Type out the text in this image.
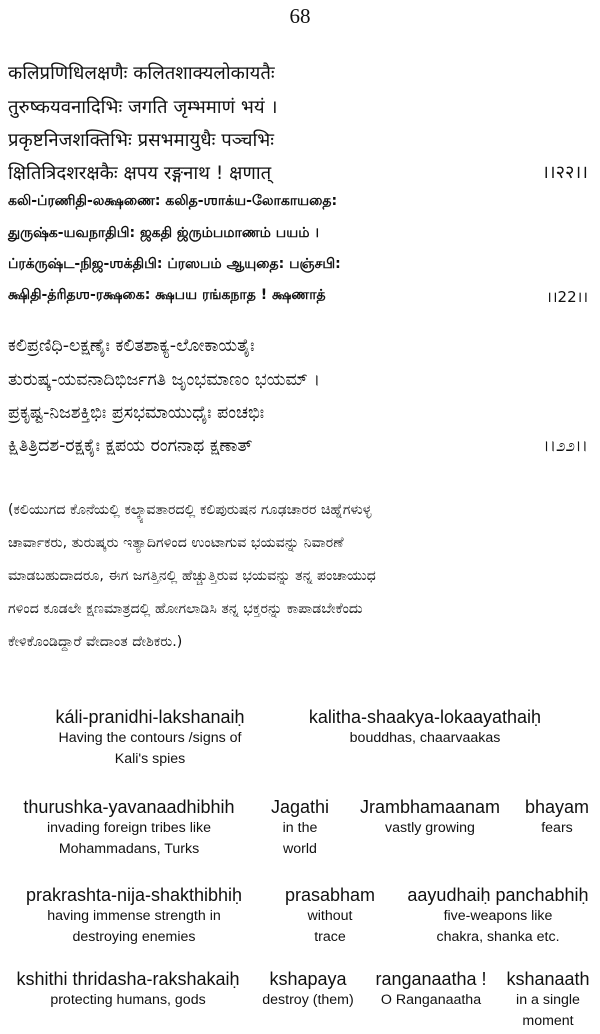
68
कलिप्रणिधिलक्षणैः कलितशाक्यलोकायतैः
तुरुष्कयवनादिभिः जगति जृम्भमाणं भयं ।
प्रकृष्टनिजशक्तिभिः प्रसभमायुधैः पञ्चभिः
क्षितित्रिदशरक्षकैः क्षपय रङ्गनाथ ! क्षणात्	।।२२।।
கலி-ப்ரணிதி-லக்ஷணை: கலித-ஶாக்ய-லோகாயதை:
துருஷ்க-யவநாதிபி: ஜகதி ஜ்ரும்பமாணம் பயம் ।
ப்ரக்ருஷ்ட-நிஜ-ஶக்திபி: ப்ரஸபம் ஆயுதை: பஞ்சபி:
க்ஷிதி-த்ரிதஶ-ரக்ஷகை: க்ஷபய ரங்கநாத ! க்ஷணாத்	।।22।।
ಕಲಿಪ್ರಣಿಧಿ-ಲಕ್ಷಣೈಃ ಕಲಿತಶಾಕ್ಯ-ಲೋಕಾಯತೈಃ
ತುರುಷ್ಕ-ಯವನಾದಿಭಿರ್ಜಗತಿ ಜೃಂಭಮಾಣಂ ಭಯಮ್ ।
ಪ್ರಕೃಷ್ಟ-ನಿಜಶಕ್ತಿಭಿಃ ಪ್ರಸಭಮಾಯುಧೈಃ ಪಂಚಭಿಃ
ಕ್ಷಿತಿತ್ರಿದಶ-ರಕ್ಷಕೈಃ ಕ್ಷಪಯ ರಂಗನಾಥ ಕ್ಷಣಾತ್	।।೨೨।।
(ಕಲಿಯುಗದ ಕೊನೆಯಲ್ಲಿ ಕಲ್ಕ್ಯಾವತಾರದಲ್ಲಿ ಕಲಿಪುರುಷನ ಗೂಢಚಾರರ ಚಿಹ್ನೆಗಳುಳ್ಳ
ಚಾರ್ವಾಕರು, ತುರುಷ್ಕರು ಇತ್ಯಾದಿಗಳಿಂದ ಉಂಟಾಗುವ ಭಯವನ್ನು ನಿವಾರಣೆ
ಮಾಡಬಹುದಾದರೂ, ಈಗ ಜಗತ್ತಿನಲ್ಲಿ ಹೆಚ್ಚುತ್ತಿರುವ ಭಯವನ್ನು ತನ್ನ ಪಂಚಾಯುಧ
ಗಳಿಂದ ಕೂಡಲೇ ಕ್ಷಣಮಾತ್ರದಲ್ಲಿ ಹೋಗಲಾಡಿಸಿ ತನ್ನ ಭಕ್ತರನ್ನು ಕಾಪಾಡಬೇಕೆಂದು
ಕೇಳಿಕೊಂಡಿದ್ದಾರೆ ವೇದಾಂತ ದೇಶಿಕರು.)
káli-pranidhi-lakshanaiḥ
Having the contours /signs of
Kali's spies
kalitha-shaakya-lokaayathaiḥ
bouddhas, chaarvaakas
thurushka-yavanaadhibhih
invading foreign tribes like
Mohammadans, Turks
Jagathi
in the
world
Jrambhamaanam
vastly growing
bhayam
fears
prakrashta-nija-shakthibhiḥ
having immense strength in
destroying enemies
prasabham
without
trace
aayudhaiḥ panchabhiḥ
five-weapons like
chakra, shanka etc.
kshithi thridasha-rakshakaiḥ
protecting humans, gods
kshapaya
destroy (them)
ranganaatha !
O Ranganaatha
kshanaath
in a single
moment
